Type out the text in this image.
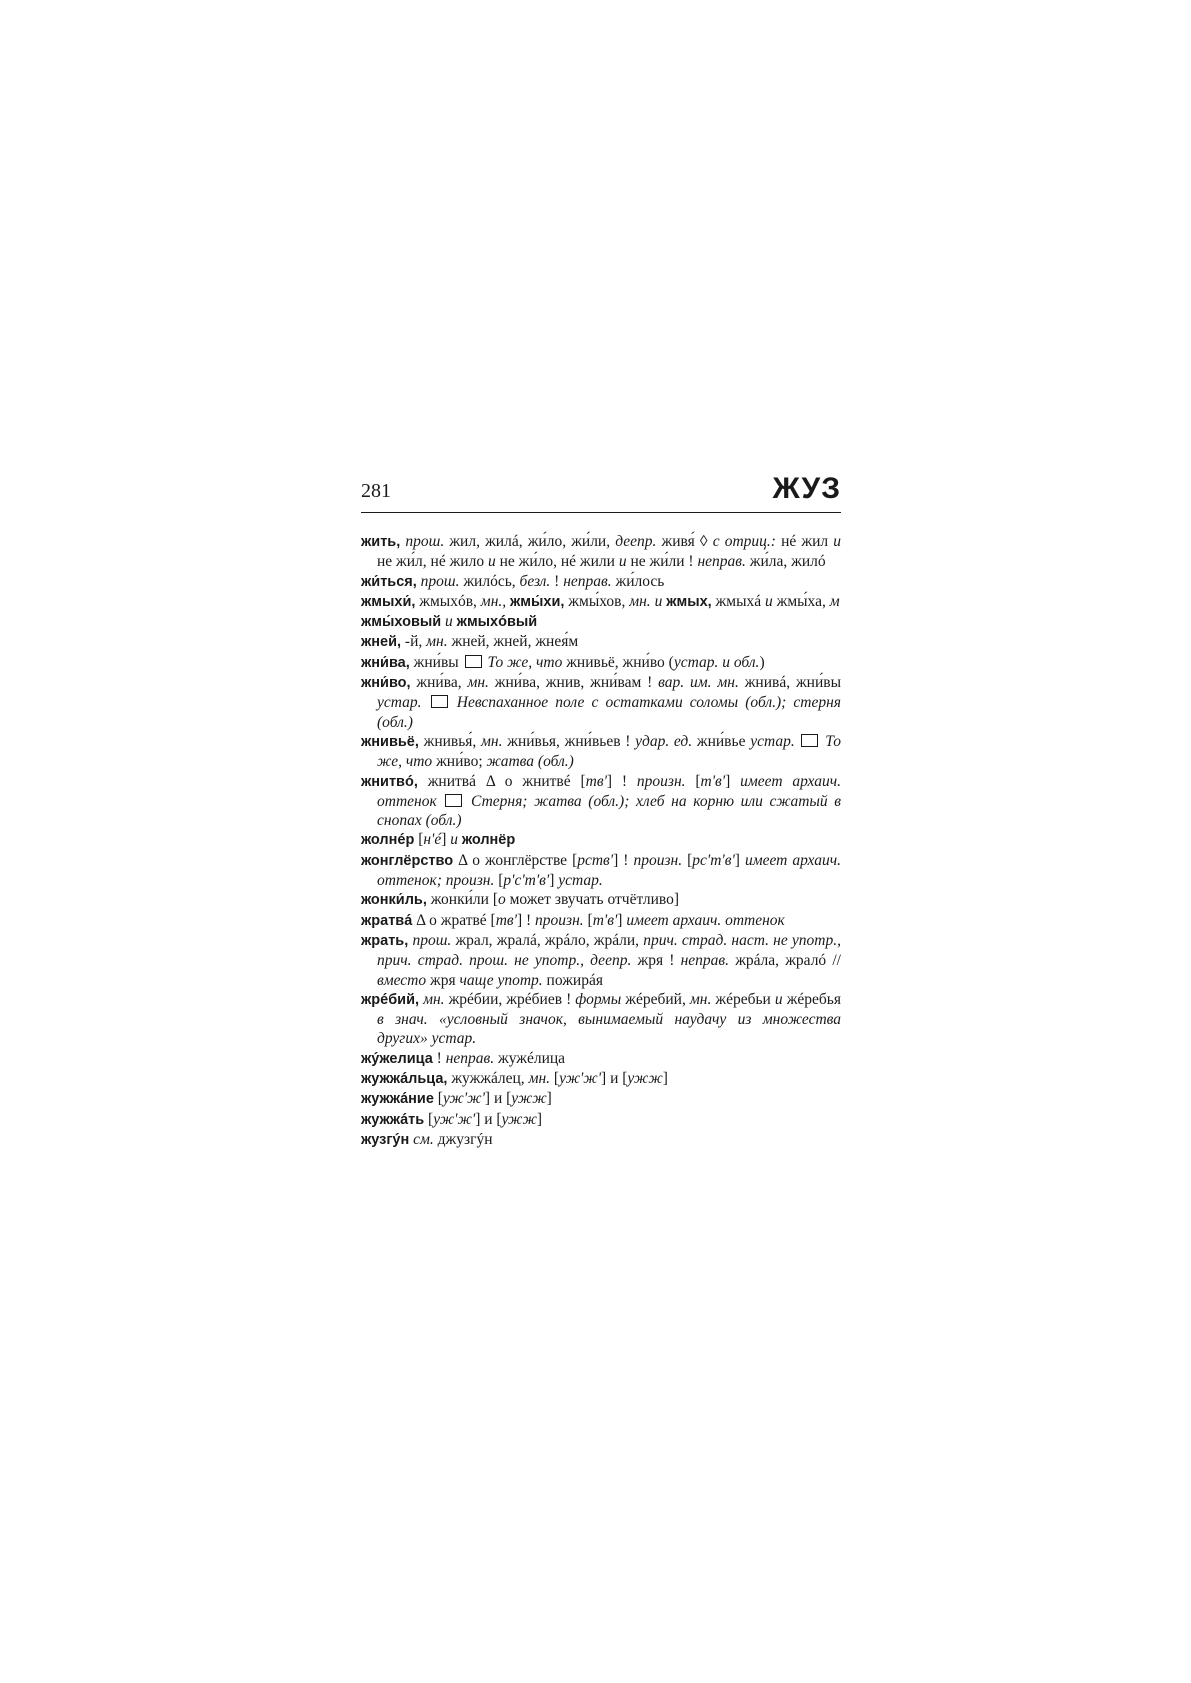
281	ЖУЗ
жить, прош. жил, жилá, жи́ло, жи́ли, деепр. живя́ ◊ с отриц.: нé жил и не жи́л, нé жило и не жи́ло, нé жили и не жи́ли ! неправ. жи́ла, жилó
жи́ться, прош. жилóсь, безл. ! неправ. жи́лось
жмыхи́, жмыхóв, мн., жмы́хи, жмы́хов, мн. и жмых, жмыхá и жмы́ха, м
жмы́ховый и жмыхóвый
жней, -й, мн. жней, жней, жнея́м
жни́ва, жни́вы  То же, что жнивьё, жни́во (устар. и обл.)
жни́во, жни́ва, мн. жни́ва, жнив, жни́вам ! вар. им. мн. жнивá, жни́вы устар. Невспаханное поле с остатками соломы (обл.); стерня (обл.)
жнивьё, жнивья́, мн. жни́вья, жни́вьев ! удар. ед. жни́вье устар. То же, что жни́во; жатва (обл.)
жнитвó, жнитвá Δ о жнитвé [тв'] ! произн. [т'в'] имеет архаич. оттенок Стерня; жатва (обл.); хлеб на корню или сжатый в снопах (обл.)
жолнéр [н'é] и жолнёр
жонглёрство Δ о жонглёрстве [рств'] ! произн. [рс'т'в'] имеет архаич. оттенок; произн. [р'с'т'в'] устар.
жонки́ль, жонки́ли [о может звучать отчётливо]
жратвá Δ о жратвé [тв'] ! произн. [т'в'] имеет архаич. оттенок
жрать, прош. жрал, жралá, жрáло, жрáли, прич. страд. наст. не употр., прич. страд. прош. не употр., деепр. жря ! неправ. жрáла, жралó // вместо жря чаще употр. пожирáя
жрéбий, мн. жрéбии, жрéбиев ! формы жéребий, мн. жéребьи и жéребья в знач. «условный значок, вынимаемый наудачу из множества других» устар.
жýжелица ! неправ. жужéлица
жужжáльца, жужжáлец, мн. [уж'ж'] и [ужж]
жужжáние [уж'ж'] и [ужж]
жужжáть [уж'ж'] и [ужж]
жузгýн см. джузгýн
